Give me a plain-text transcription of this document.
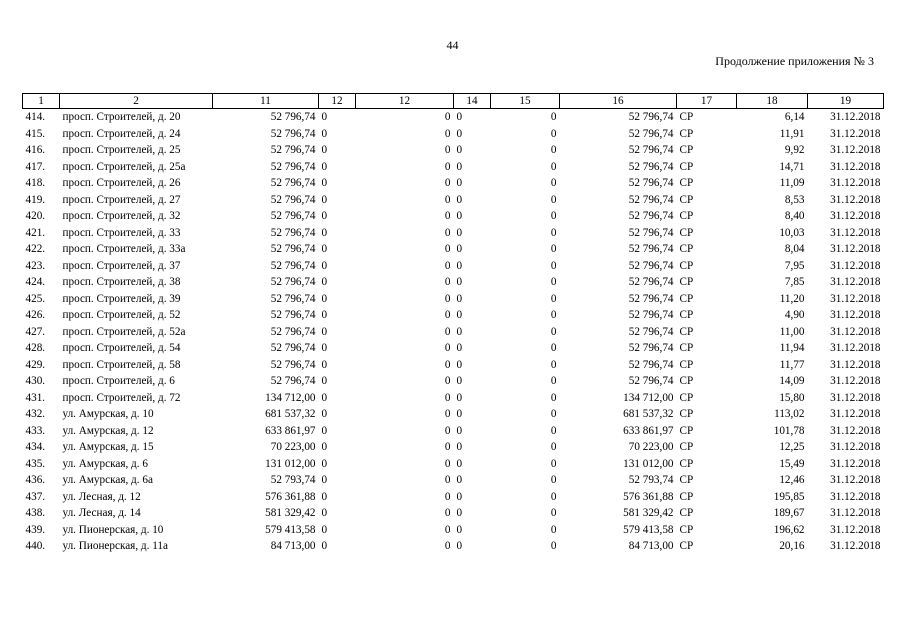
44
Продолжение приложения № 3
1	2	11	12	12	14	15	16	17	18	19
414.	просп. Строителей, д. 20	52 796,74	0	0	0	0	52 796,74	СР	6,14	31.12.2018
415.	просп. Строителей, д. 24	52 796,74	0	0	0	0	52 796,74	СР	11,91	31.12.2018
416.	просп. Строителей, д. 25	52 796,74	0	0	0	0	52 796,74	СР	9,92	31.12.2018
417.	просп. Строителей, д. 25а	52 796,74	0	0	0	0	52 796,74	СР	14,71	31.12.2018
418.	просп. Строителей, д. 26	52 796,74	0	0	0	0	52 796,74	СР	11,09	31.12.2018
419.	просп. Строителей, д. 27	52 796,74	0	0	0	0	52 796,74	СР	8,53	31.12.2018
420.	просп. Строителей, д. 32	52 796,74	0	0	0	0	52 796,74	СР	8,40	31.12.2018
421.	просп. Строителей, д. 33	52 796,74	0	0	0	0	52 796,74	СР	10,03	31.12.2018
422.	просп. Строителей, д. 33а	52 796,74	0	0	0	0	52 796,74	СР	8,04	31.12.2018
423.	просп. Строителей, д. 37	52 796,74	0	0	0	0	52 796,74	СР	7,95	31.12.2018
424.	просп. Строителей, д. 38	52 796,74	0	0	0	0	52 796,74	СР	7,85	31.12.2018
425.	просп. Строителей, д. 39	52 796,74	0	0	0	0	52 796,74	СР	11,20	31.12.2018
426.	просп. Строителей, д. 52	52 796,74	0	0	0	0	52 796,74	СР	4,90	31.12.2018
427.	просп. Строителей, д. 52а	52 796,74	0	0	0	0	52 796,74	СР	11,00	31.12.2018
428.	просп. Строителей, д. 54	52 796,74	0	0	0	0	52 796,74	СР	11,94	31.12.2018
429.	просп. Строителей, д. 58	52 796,74	0	0	0	0	52 796,74	СР	11,77	31.12.2018
430.	просп. Строителей, д. 6	52 796,74	0	0	0	0	52 796,74	СР	14,09	31.12.2018
431.	просп. Строителей, д. 72	134 712,00	0	0	0	0	134 712,00	СР	15,80	31.12.2018
432.	ул. Амурская, д. 10	681 537,32	0	0	0	0	681 537,32	СР	113,02	31.12.2018
433.	ул. Амурская, д. 12	633 861,97	0	0	0	0	633 861,97	СР	101,78	31.12.2018
434.	ул. Амурская, д. 15	70 223,00	0	0	0	0	70 223,00	СР	12,25	31.12.2018
435.	ул. Амурская, д. 6	131 012,00	0	0	0	0	131 012,00	СР	15,49	31.12.2018
436.	ул. Амурская, д. 6а	52 793,74	0	0	0	0	52 793,74	СР	12,46	31.12.2018
437.	ул. Лесная, д. 12	576 361,88	0	0	0	0	576 361,88	СР	195,85	31.12.2018
438.	ул. Лесная, д. 14	581 329,42	0	0	0	0	581 329,42	СР	189,67	31.12.2018
439.	ул. Пионерская, д. 10	579 413,58	0	0	0	0	579 413,58	СР	196,62	31.12.2018
440.	ул. Пионерская, д. 11а	84 713,00	0	0	0	0	84 713,00	СР	20,16	31.12.2018
